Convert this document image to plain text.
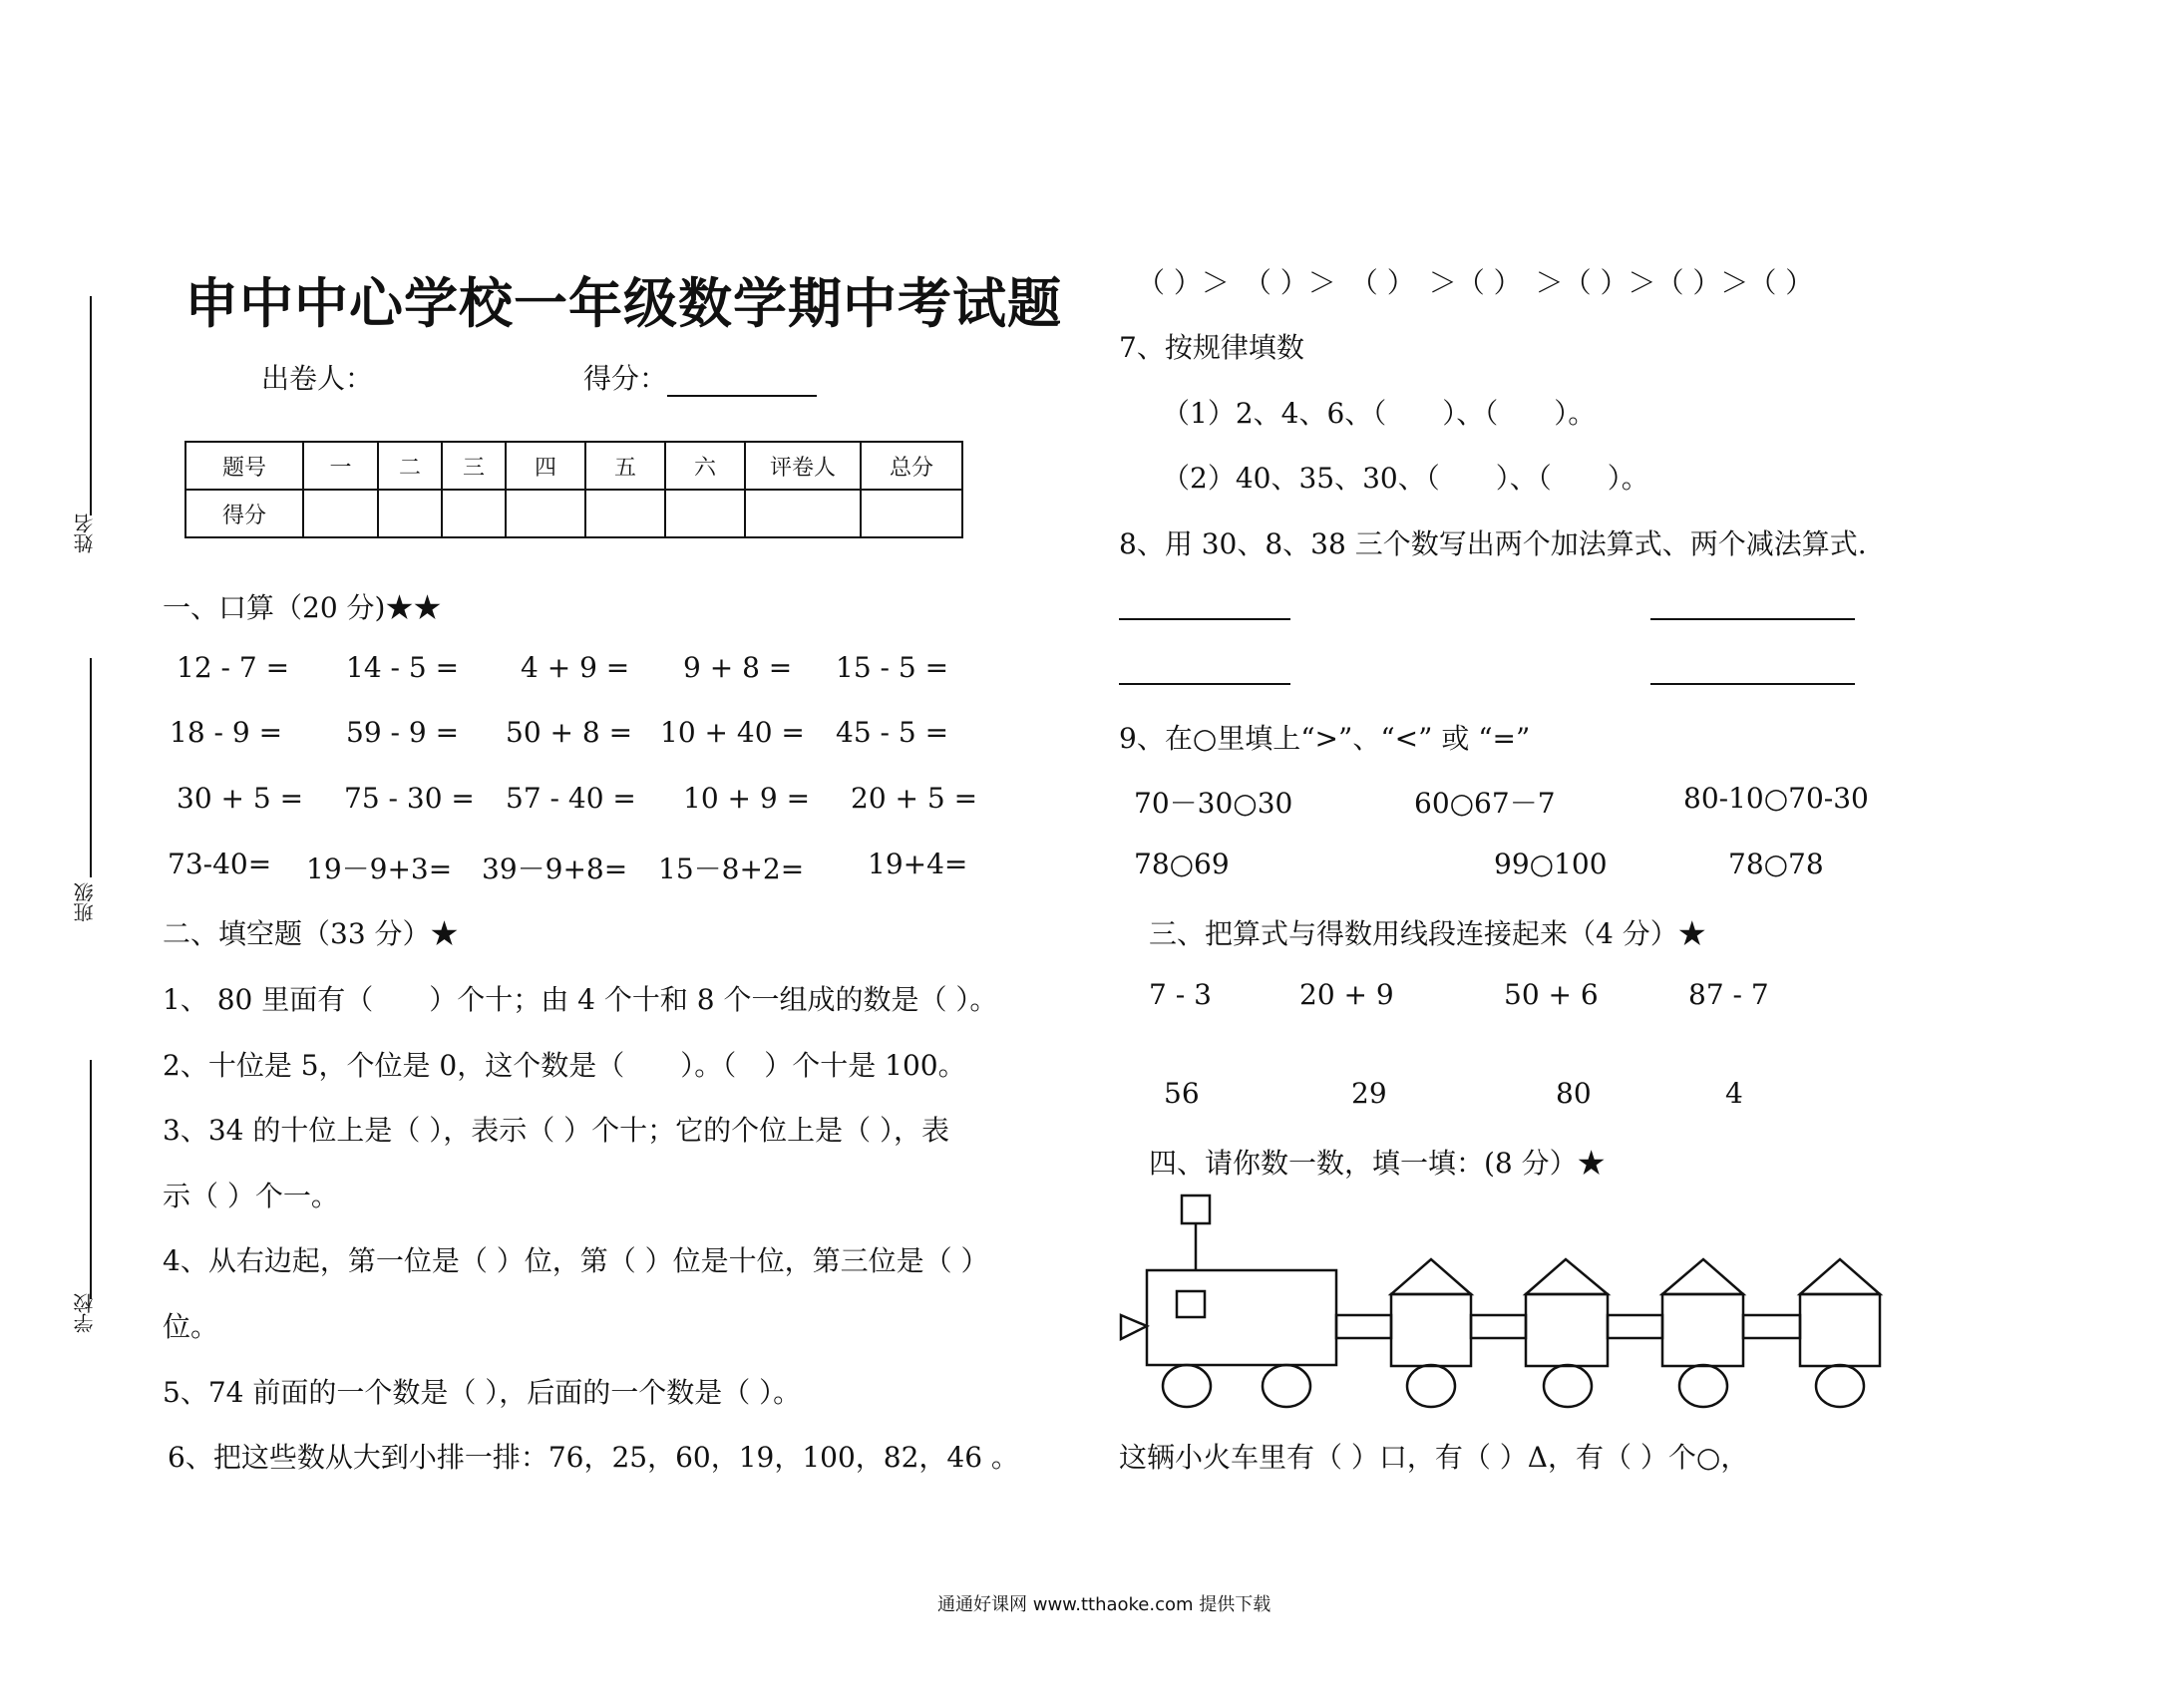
姓名
班级
学校
申中中心学校一年级数学期中考试题
出卷人：	得分：
题号	一	二	三	四	五	六	评卷人	总分
得分								
一、口算（20 分)★★
12 - 7 = 14 - 5 = 4 + 9 = 9 + 8 = 15 - 5 =
18 - 9 = 59 - 9 = 50 + 8 = 10 + 40 = 45 - 5 =
30 + 5 = 75 - 30 = 57 - 40 = 10 + 9 = 20 + 5 =
73-40= 19－9+3= 39－9+8= 15－8+2= 19+4=
二、填空题（33 分）★
1、 80 里面有（　　）个十；由 4 个十和 8 个一组成的数是（ ）。
2、十位是 5，个位是 0，这个数是（　　）。（　）个十是 100。
3、34 的十位上是（ ），表示（ ）个十；它的个位上是（ ），表
示（ ）个一。
4、从右边起，第一位是（ ）位，第（ ）位是十位，第三位是（ ）
位。
5、74 前面的一个数是（ ），后面的一个数是（ ）。
6、把这些数从大到小排一排：76，25，60，19，100，82，46 。
（ ）＞　（ ）＞　（ ）　＞（ ）　＞（ ）＞（ ）＞（ ）
7、按规律填数
（1）2、4、6、（　　）、（　　）。
（2）40、35、30、（　　）、（　　）。
8、用 30、8、38 三个数写出两个加法算式、两个减法算式.
9、在○里填上“>”、“<” 或 “=”
70－30○30	60○67－7	80-10○70-30
78○69	99○100	78○78
三、把算式与得数用线段连接起来（4 分）★
7 - 3	20 + 9	50 + 6	87 - 7
56	29	80	4
四、请你数一数，填一填：(8 分）★
这辆小火车里有（ ）口，有（ ）Δ，有（ ）个○，
通通好课网 www.tthaoke.com 提供下载
